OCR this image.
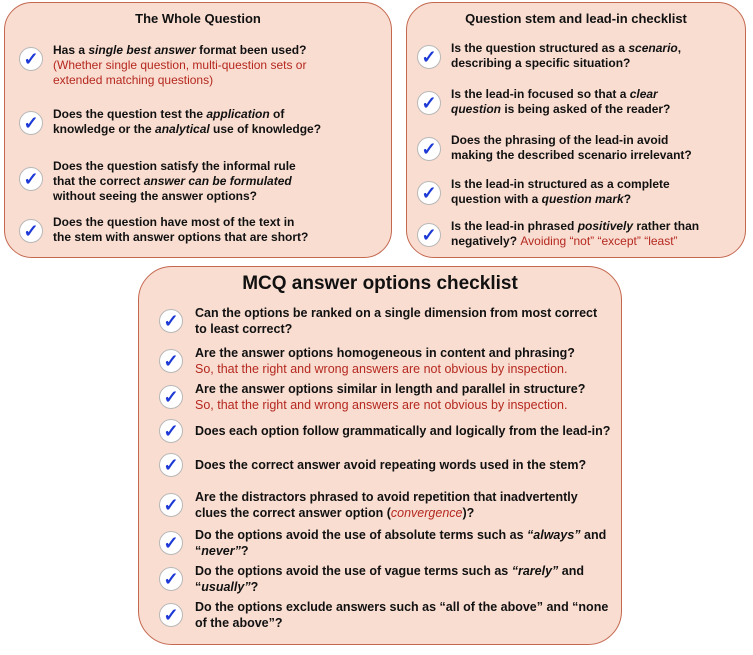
The Whole Question
✓	Has a single best answer format been used?
(Whether single question, multi-question sets or
extended matching questions)
✓	Does the question test the application of
knowledge or the analytical use of knowledge?
✓
Does the question satisfy the informal rule
that the correct answer can be formulated
without seeing the answer options?
✓	Does the question have most of the text in
the stem with answer options that are short?
Question stem and lead-in checklist
✓	Is the question structured as a scenario,
describing a specific situation?
✓	Is the lead-in focused so that a clear
question is being asked of the reader?
✓	Does the phrasing of the lead-in avoid
making the described scenario irrelevant?
✓	Is the lead-in structured as a complete
question with a question mark?
✓	Is the lead-in phrased positively rather than
negatively? Avoiding “not” “except” “least”
MCQ answer options checklist
✓	Can the options be ranked on a single dimension from most correct
to least correct?
✓	Are the answer options homogeneous in content and phrasing?
So, that the right and wrong answers are not obvious by inspection.
✓	Are the answer options similar in length and parallel in structure?
So, that the right and wrong answers are not obvious by inspection.
✓	Does each option follow grammatically and logically from the lead-in?
✓	Does the correct answer avoid repeating words used in the stem?
✓	Are the distractors phrased to avoid repetition that inadvertently
clues the correct answer option (convergence)?
✓	Do the options avoid the use of absolute terms such as “always” and
“never”?
✓	Do the options avoid the use of vague terms such as “rarely” and
“usually”?
✓	Do the options exclude answers such as “all of the above” and “none
of the above”?
